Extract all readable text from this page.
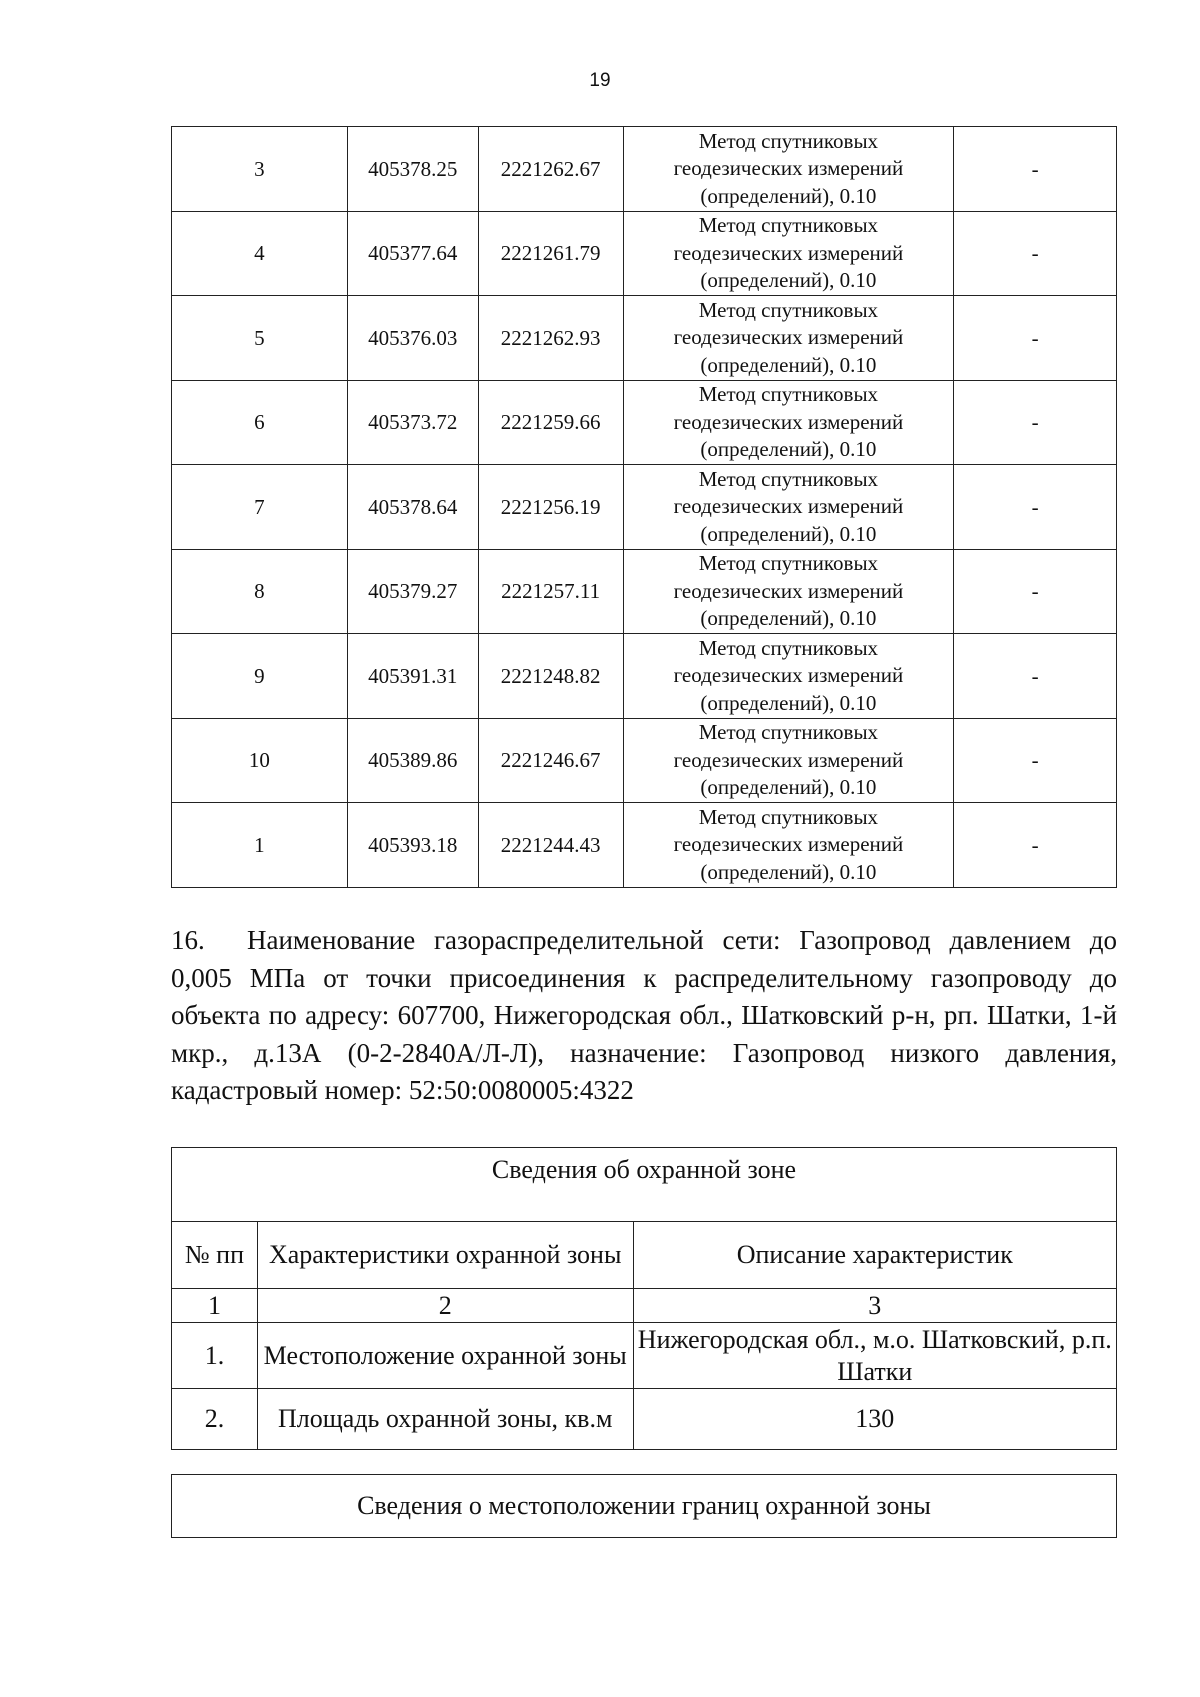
19
3	405378.25	2221262.67	Метод спутниковых
геодезических измерений
(определений), 0.10	-
4	405377.64	2221261.79	Метод спутниковых
геодезических измерений
(определений), 0.10	-
5	405376.03	2221262.93	Метод спутниковых
геодезических измерений
(определений), 0.10	-
6	405373.72	2221259.66	Метод спутниковых
геодезических измерений
(определений), 0.10	-
7	405378.64	2221256.19	Метод спутниковых
геодезических измерений
(определений), 0.10	-
8	405379.27	2221257.11	Метод спутниковых
геодезических измерений
(определений), 0.10	-
9	405391.31	2221248.82	Метод спутниковых
геодезических измерений
(определений), 0.10	-
10	405389.86	2221246.67	Метод спутниковых
геодезических измерений
(определений), 0.10	-
1	405393.18	2221244.43	Метод спутниковых
геодезических измерений
(определений), 0.10	-
16. Наименование газораспределительной сети: Газопровод давлением до 0,005 МПа от точки присоединения к распределительному газопроводу до объекта по адресу: 607700, Нижегородская обл., Шатковский р-н, рп. Шатки, 1-й мкр., д.13А (0-2-2840А/Л-Л), назначение: Газопровод низкого давления, кадастровый номер: 52:50:0080005:4322
Сведения об охранной зоне		
№ пп	Характеристики охранной зоны	Описание характеристик
1	2	3
1.	Местоположение охранной зоны	Нижегородская обл., м.о. Шатковский, р.п. Шатки
2.	Площадь охранной зоны, кв.м	130
Сведения о местоположении границ охранной зоны
